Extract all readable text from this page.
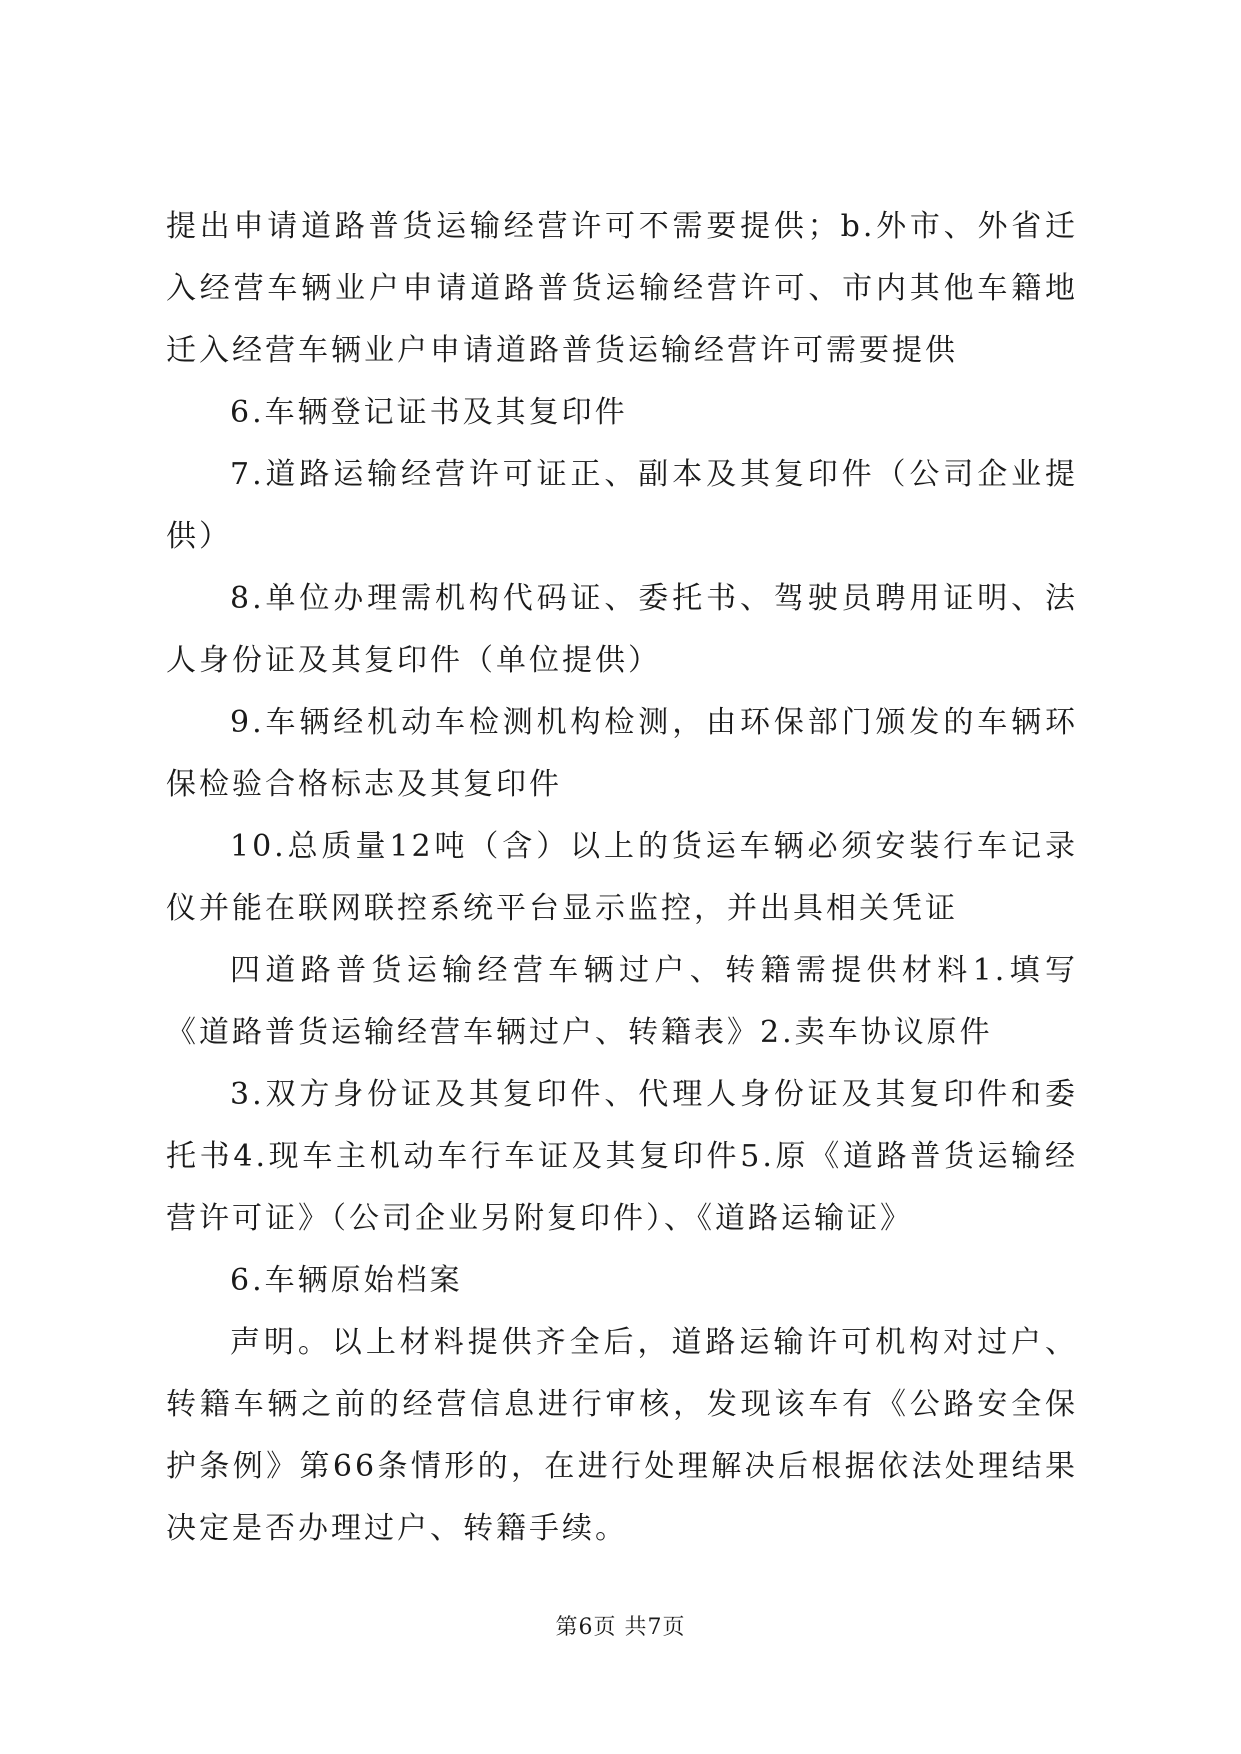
提出申请道路普货运输经营许可不需要提供；b.外市、外省迁入经营车辆业户申请道路普货运输经营许可、市内其他车籍地迁入经营车辆业户申请道路普货运输经营许可需要提供

6.车辆登记证书及其复印件

7.道路运输经营许可证正、副本及其复印件（公司企业提供）

8.单位办理需机构代码证、委托书、驾驶员聘用证明、法人身份证及其复印件（单位提供）

9.车辆经机动车检测机构检测，由环保部门颁发的车辆环保检验合格标志及其复印件

10.总质量12吨（含）以上的货运车辆必须安装行车记录仪并能在联网联控系统平台显示监控，并出具相关凭证

四道路普货运输经营车辆过户、转籍需提供材料1.填写《道路普货运输经营车辆过户、转籍表》2.卖车协议原件

3.双方身份证及其复印件、代理人身份证及其复印件和委托书4.现车主机动车行车证及其复印件5.原《道路普货运输经营许可证》（公司企业另附复印件）、《道路运输证》

6.车辆原始档案

声明。以上材料提供齐全后，道路运输许可机构对过户、转籍车辆之前的经营信息进行审核，发现该车有《公路安全保护条例》第66条情形的，在进行处理解决后根据依法处理结果决定是否办理过户、转籍手续。

第6页 共7页
